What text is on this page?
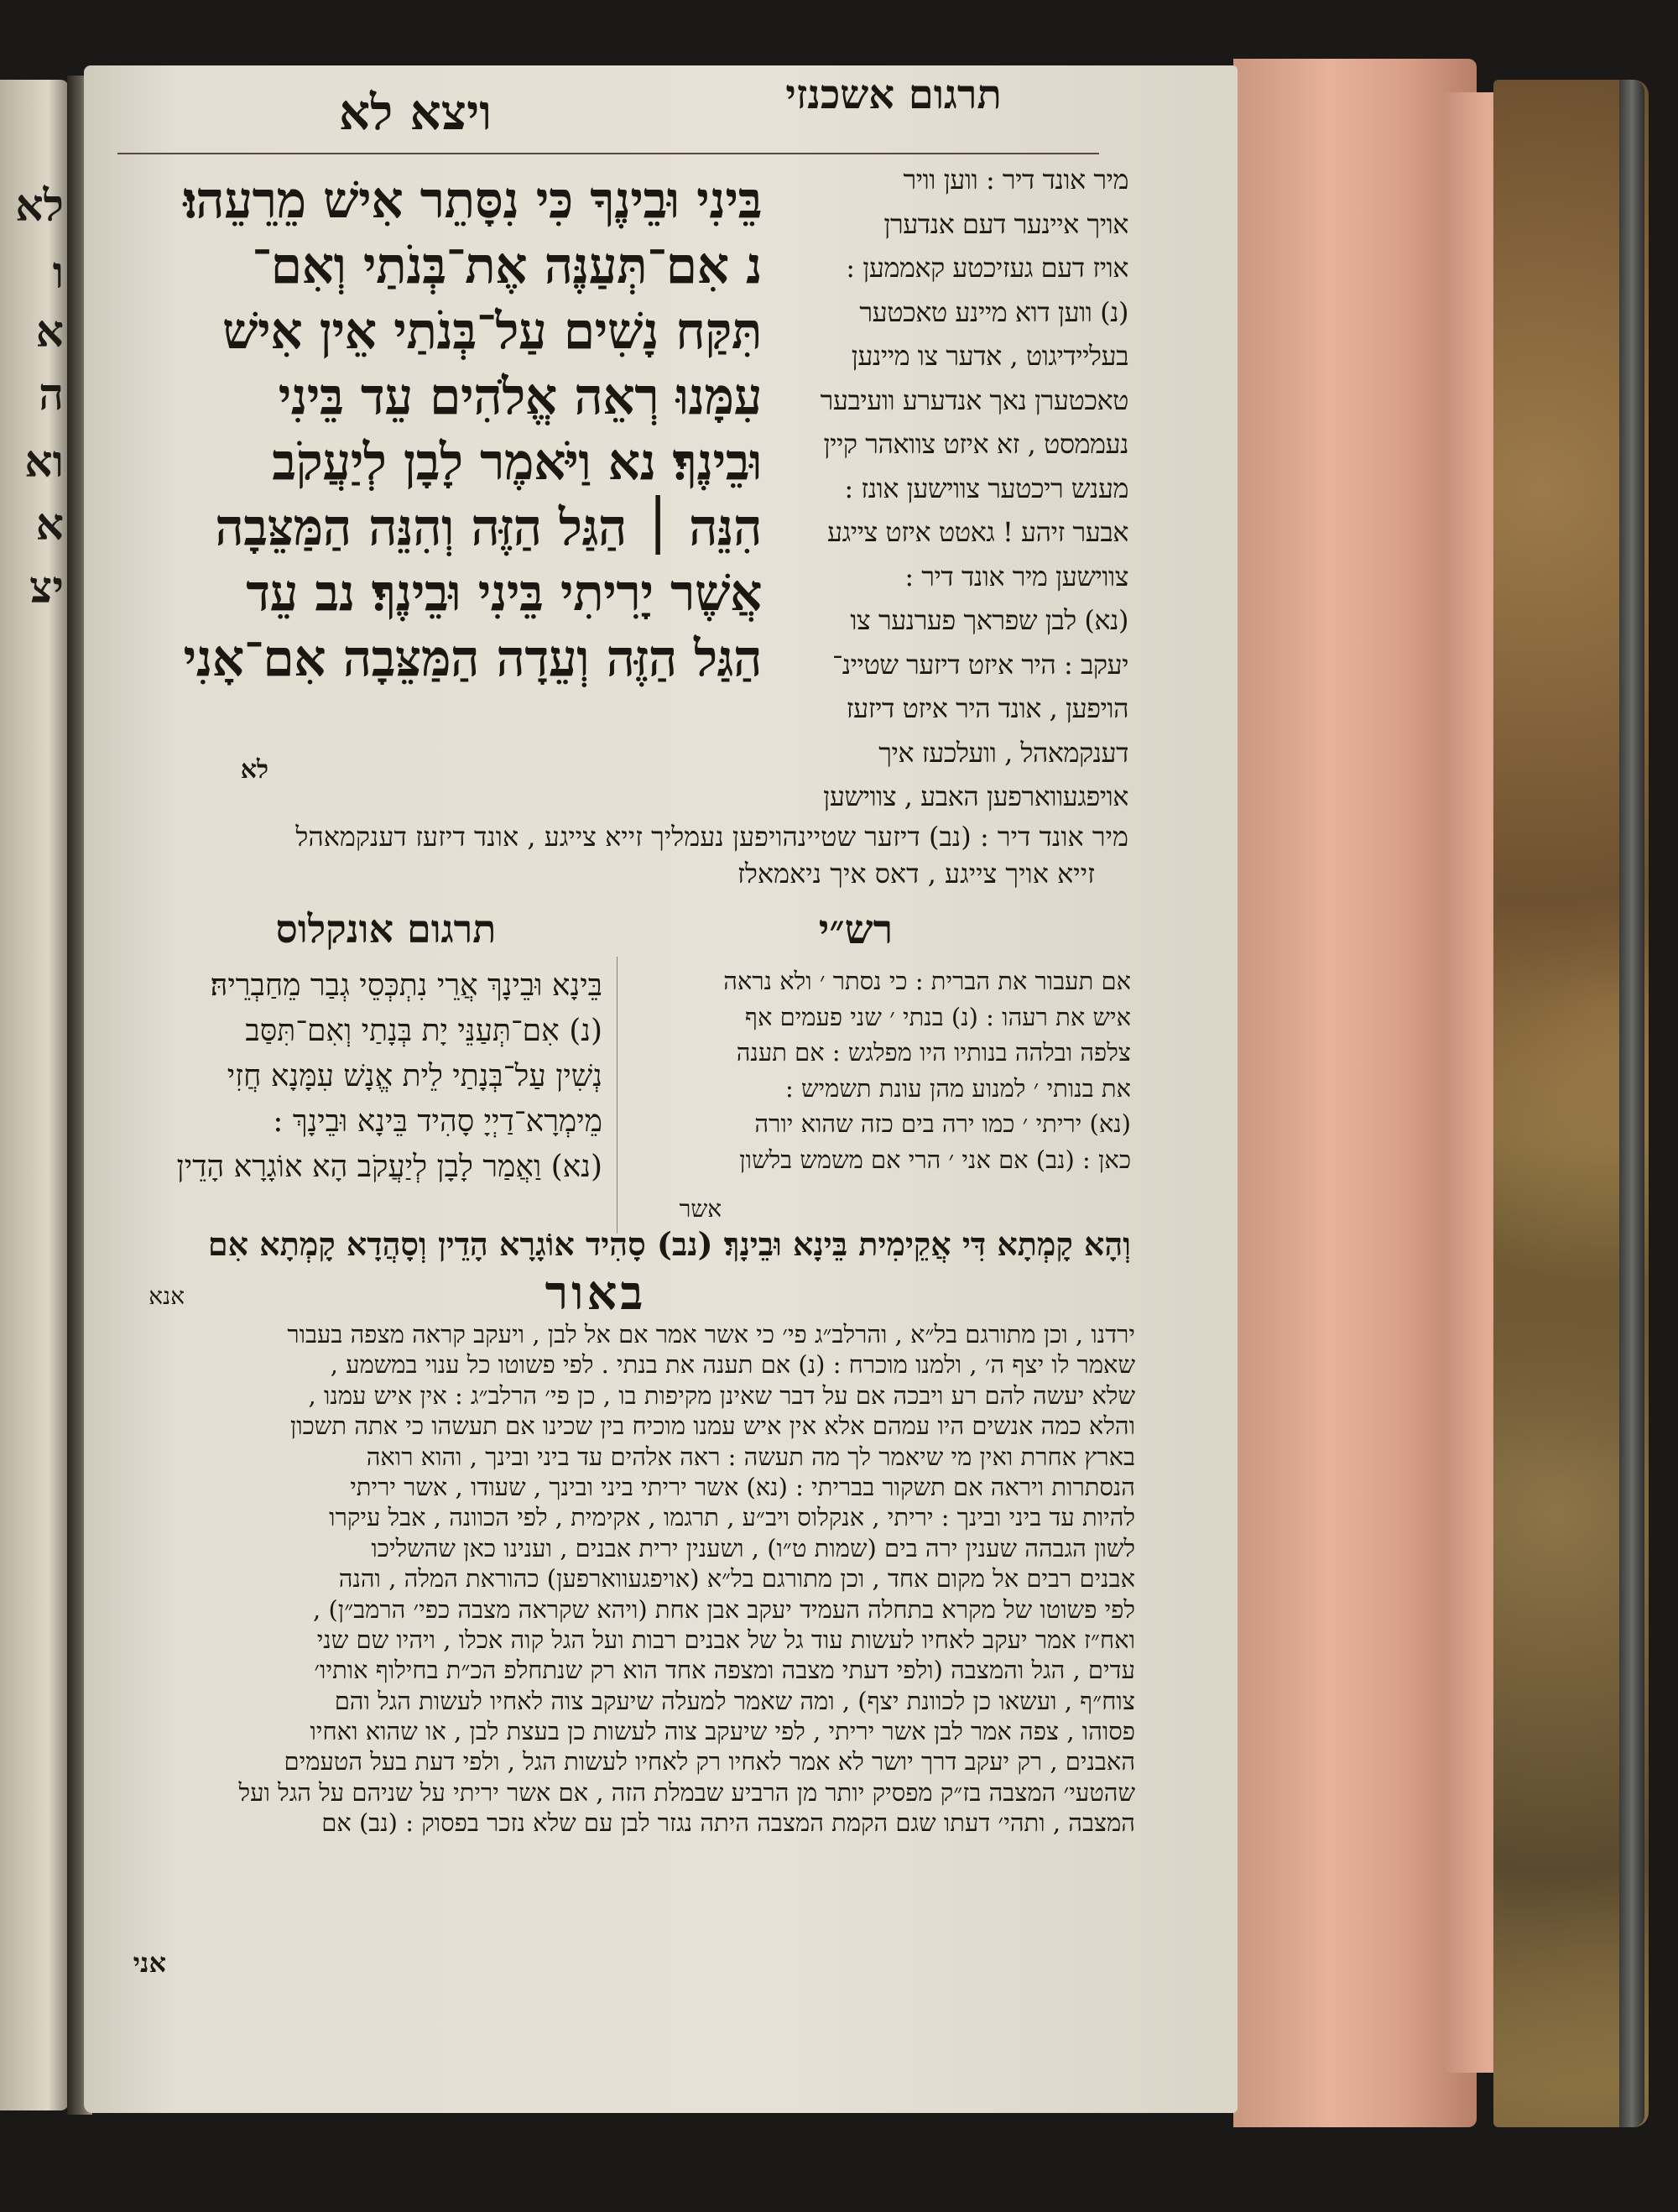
לא
ו
א
ה
וא
א
יצ
תרגום אשכנזי
ויצא לא
בֵּינִי וּבֵינֶךָ כִּי נִסָּתֵר אִישׁ מֵרֵעֵהוּ׃
נ אִם־תְּעַנֶּה אֶת־בְּנֹתַי וְאִם־
תִּקַּח נָשִׁים עַל־בְּנֹתַי אֵין אִישׁ
עִמָּנוּ רְאֵה אֱלֹהִים עֵד בֵּינִי
וּבֵינֶךָ׃ נא וַיֹּאמֶר לָבָן לְיַעֲקֹב
הִנֵּה ׀ הַגַּל הַזֶּה וְהִנֵּה הַמַּצֵּבָה
אֲשֶׁר יָרִיתִי בֵּינִי וּבֵינֶךָ׃ נב עֵד
הַגַּל הַזֶּה וְעֵדָה הַמַּצֵּבָה אִם־אָנִי
לא
מיר אונד דיר : ווען וויר
אויך איינער דעם אנדערן
אויז דעם געזיכטע קאממען :
(נ) ווען דוא מיינע טאכטער
בעליידיגוט , אדער צו מיינען
טאכטערן נאך אנדערע וועיבער
נעממסט , זא איזט צוואהר קיין
מענש ריכטער צווישען אונז :
אבער זיהע ! גאטט איזט צייגע
צווישען מיר אונד דיר :
(נא) לבן שפראך פערנער צו
יעקב : היר איזט דיזער שטיינ־
הויפען , אונד היר איזט דיזעז
דענקמאהל , וועלכעז איך
אויפגעווארפען האבע , צווישען
מיר אונד דיר : (נב) דיזער שטיינהויפען נעמליך זייא צייגע , אונד דיזעז דענקמאהל
זייא אויך צייגע , דאס איך ניאמאלז
רש״י
תרגום אונקלוס
אם תעבור את הברית : כי נסתר ׳ ולא נראה
איש את רעהו : (נ) בנתי ׳ שני פעמים אף
צלפה ובלהה בנותיו היו מפלגש : אם תענה
את בנותי ׳ למנוע מהן עונת תשמיש :
(נא) יריתי ׳ כמו ירה בים כזה שהוא יורה
כאן : (נב) אם אני ׳ הרי אם משמש בלשון
אשר
בֵּינָא וּבֵינָךְ אֲרֵי נִתְכְּסֵי גְבַר מֵחַבְרֵיהּ׃
(נ) אִם־תְּעַנֵּי יָת בְּנָתַי וְאִם־תִּסַּב
נְשִׁין עַל־בְּנָתַי לֵית אֱנָשׁ עִמָּנָא חֲזִי
מֵימְרָא־דַיְיָ סָהִיד בֵּינָא וּבֵינָךְ :
(נא) וַאֲמַר לָבָן לְיַעֲקֹב הָא אוֹגָרָא הָדֵין
וְהָא קָמְתָא דִּי אֲקֵימִית בֵּינָא וּבֵינָךְ׃ (נב) סָהִיד אוֹגָרָא הָדֵין וְסָהֲדָא קָמְתָא אִם
אנא	באור
ירדנו , וכן מתורגם בל״א , והרלב״ג פי׳ כי אשר אמר אם אל לבן , ויעקב קראה מצפה בעבור
שאמר לו יצף ה׳ , ולמנו מוכרח : (נ) אם תענה את בנתי . לפי פשוטו כל ענוי במשמע ,
שלא יעשה להם רע ויבכה אם על דבר שאינן מקיפות בו , כן פי׳ הרלב״ג : אין איש עמנו ,
והלא כמה אנשים היו עמהם אלא אין איש עמנו מוכיח בין שכינו אם תעשהו כי אתה תשכון
בארץ אחרת ואין מי שיאמר לך מה תעשה : ראה אלהים עד ביני ובינך , והוא רואה
הנסתרות ויראה אם תשקור בבריתי : (נא) אשר יריתי ביני ובינך , שעודו , אשר יריתי
להיות עד ביני ובינך : יריתי , אנקלוס ויב״ע , תרגמו , אקימית , לפי הכוונה , אבל עיקרו
לשון הגבהה שענין ירה בים (שמות ט״ו) , ושענין ירית אבנים , וענינו כאן שהשליכו
אבנים רבים אל מקום אחד , וכן מתורגם בל״א (אויפגעווארפען) כהוראת המלה , והנה
לפי פשוטו של מקרא בתחלה העמיד יעקב אבן אחת (ויהא שקראה מצבה כפי׳ הרמב״ן) ,
ואח״ז אמר יעקב לאחיו לעשות עוד גל של אבנים רבות ועל הגל קוה אכלו , ויהיו שם שני
עדים , הגל והמצבה (ולפי דעתי מצבה ומצפה אחד הוא רק שנתחלפ הכ״ת בחילוף אותיו׳
צוח״ף , ועשאו כן לכוונת יצף) , ומה שאמר למעלה שיעקב צוה לאחיו לעשות הגל והם
פסוהו , צפה אמר לבן אשר יריתי , לפי שיעקב צוה לעשות כן בעצת לבן , או שהוא ואחיו
האבנים , רק יעקב דרך יושר לא אמר לאחיו רק לאחיו לעשות הגל , ולפי דעת בעל הטעמים
שהטעי׳ המצבה בז״ק מפסיק יותר מן הרביע שבמלת הזה , אם אשר יריתי על שניהם על הגל ועל
המצבה , ותהי׳ דעתו שגם הקמת המצבה היתה נגזר לבן עם שלא נזכר בפסוק : (נב) אם
אני
